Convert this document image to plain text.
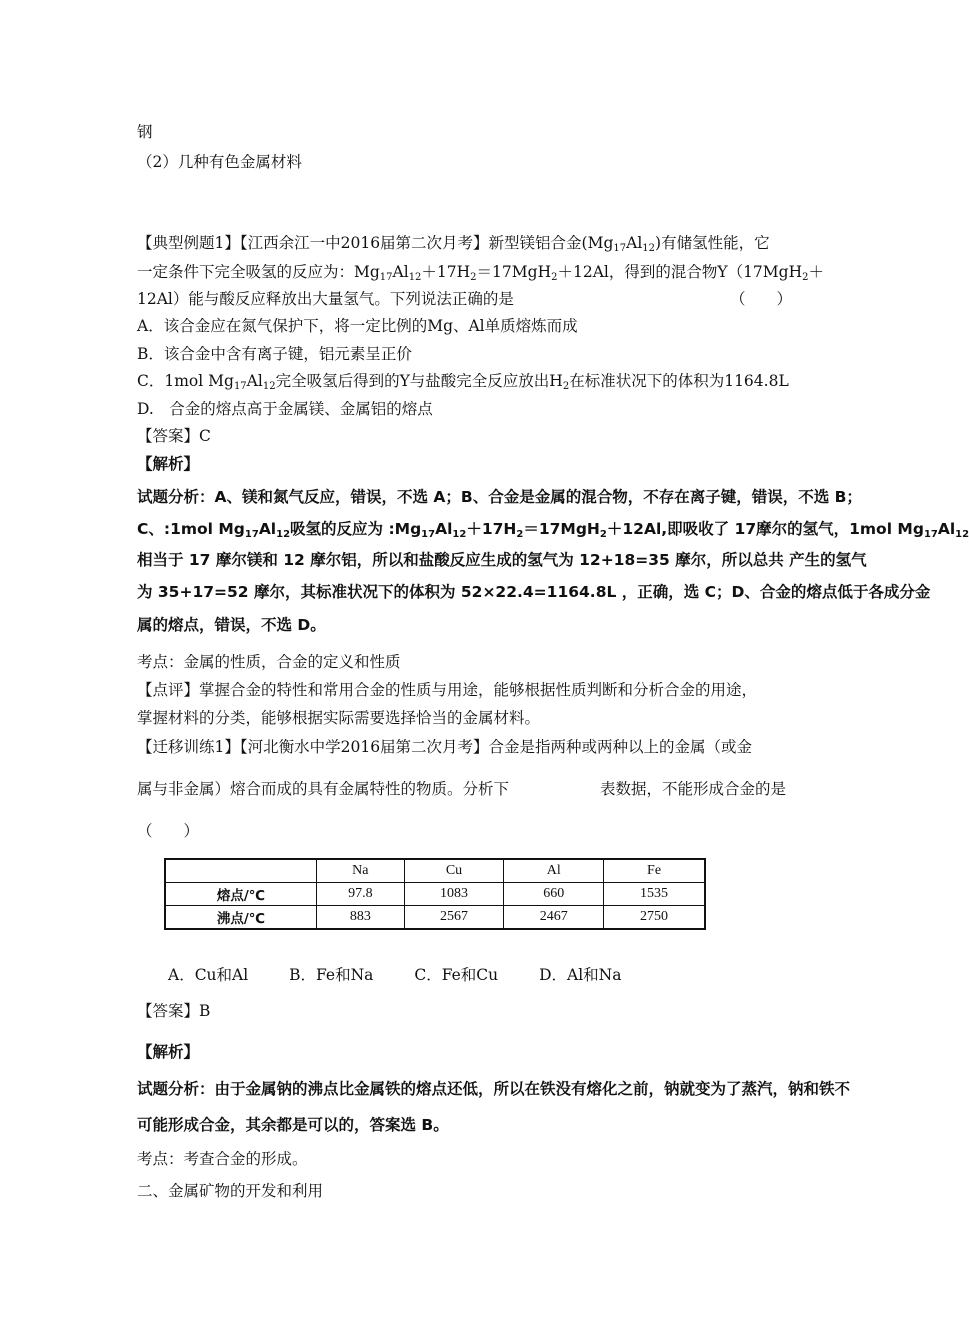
钢
（2）几种有色金属材料
【典型例题1】【江西余江一中2016届第二次月考】新型镁铝合金$(Mg_{17}Al_{12})$有储氢性能，它
一定条件下完全吸氢的反应为：$Mg_{17}Al_{12}+17H_2=17MgH_2+12Al$，得到的混合物Y（17MgH$_2$＋
12Al）能与酸反应释放出大量氢气。下列说法正确的是	（　　）
A．该合金应在氮气保护下，将一定比例的Mg、Al单质熔炼而成
B．该合金中含有离子键，铝元素呈正价
C．1mol $Mg_{17}Al_{12}$完全吸氢后得到的Y与盐酸完全反应放出$H_2$在标准状况下的体积为1164.8L
D.　合金的熔点高于金属镁、金属铝的熔点
【答案】C
【解析】
试题分析：A、镁和氮气反应，错误，不选 A；B、合金是金属的混合物，不存在离子键，错误，不选 B；
C、:1mol $Mg_{17}Al_{12}$吸氢的反应为 $:Mg_{17}Al_{12}+17H_2=17MgH_2+12Al$,即吸收了 17摩尔的氢气，1mol $Mg_{17}Al_{12}$
相当于 17 摩尔镁和 12 摩尔铝，所以和盐酸反应生成的氢气为 12+18=35 摩尔，所以总共 产生的氢气
为 35+17=52 摩尔，其标准状况下的体积为 52×22.4=1164.8L ，正确，选 C；D、合金的熔点低于各成分金
属的熔点，错误，不选 D。
考点：金属的性质，合金的定义和性质
【点评】掌握合金的特性和常用合金的性质与用途，能够根据性质判断和分析合金的用途，
掌握材料的分类，能够根据实际需要选择恰当的金属材料。
【迁移训练1】【河北衡水中学2016届第二次月考】合金是指两种或两种以上的金属（或金
属与非金属）熔合而成的具有金属特性的物质。分析下	表数据，不能形成合金的是
（　　）
	Na	Cu	Al	Fe
熔点/℃	97.8	1083	660	1535
沸点/℃	883	2567	2467	2750
A．Cu和Al	B．Fe和Na	C．Fe和Cu	D．Al和Na
【答案】B
【解析】
试题分析：由于金属钠的沸点比金属铁的熔点还低，所以在铁没有熔化之前，钠就变为了蒸汽，钠和铁不
可能形成合金，其余都是可以的，答案选 B。
考点：考查合金的形成。
二、金属矿物的开发和利用
